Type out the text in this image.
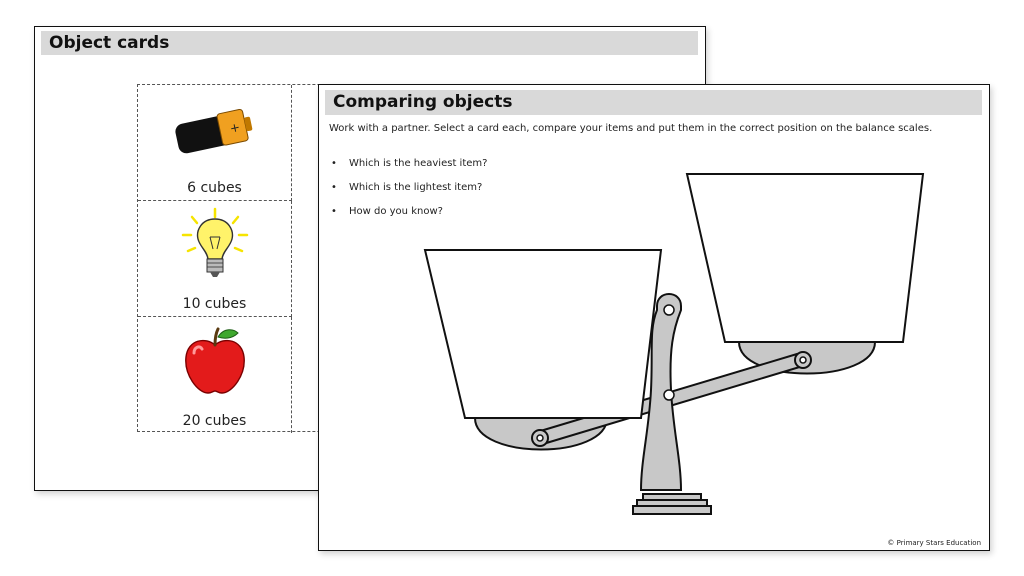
Object cards
+
6 cubes
10 cubes
20 cubes
Comparing objects
Work with a partner. Select a card each, compare your items and put them in the correct position on the balance scales.
• Which is the heaviest item?
• Which is the lightest item?
• How do you know?
© Primary Stars Education
